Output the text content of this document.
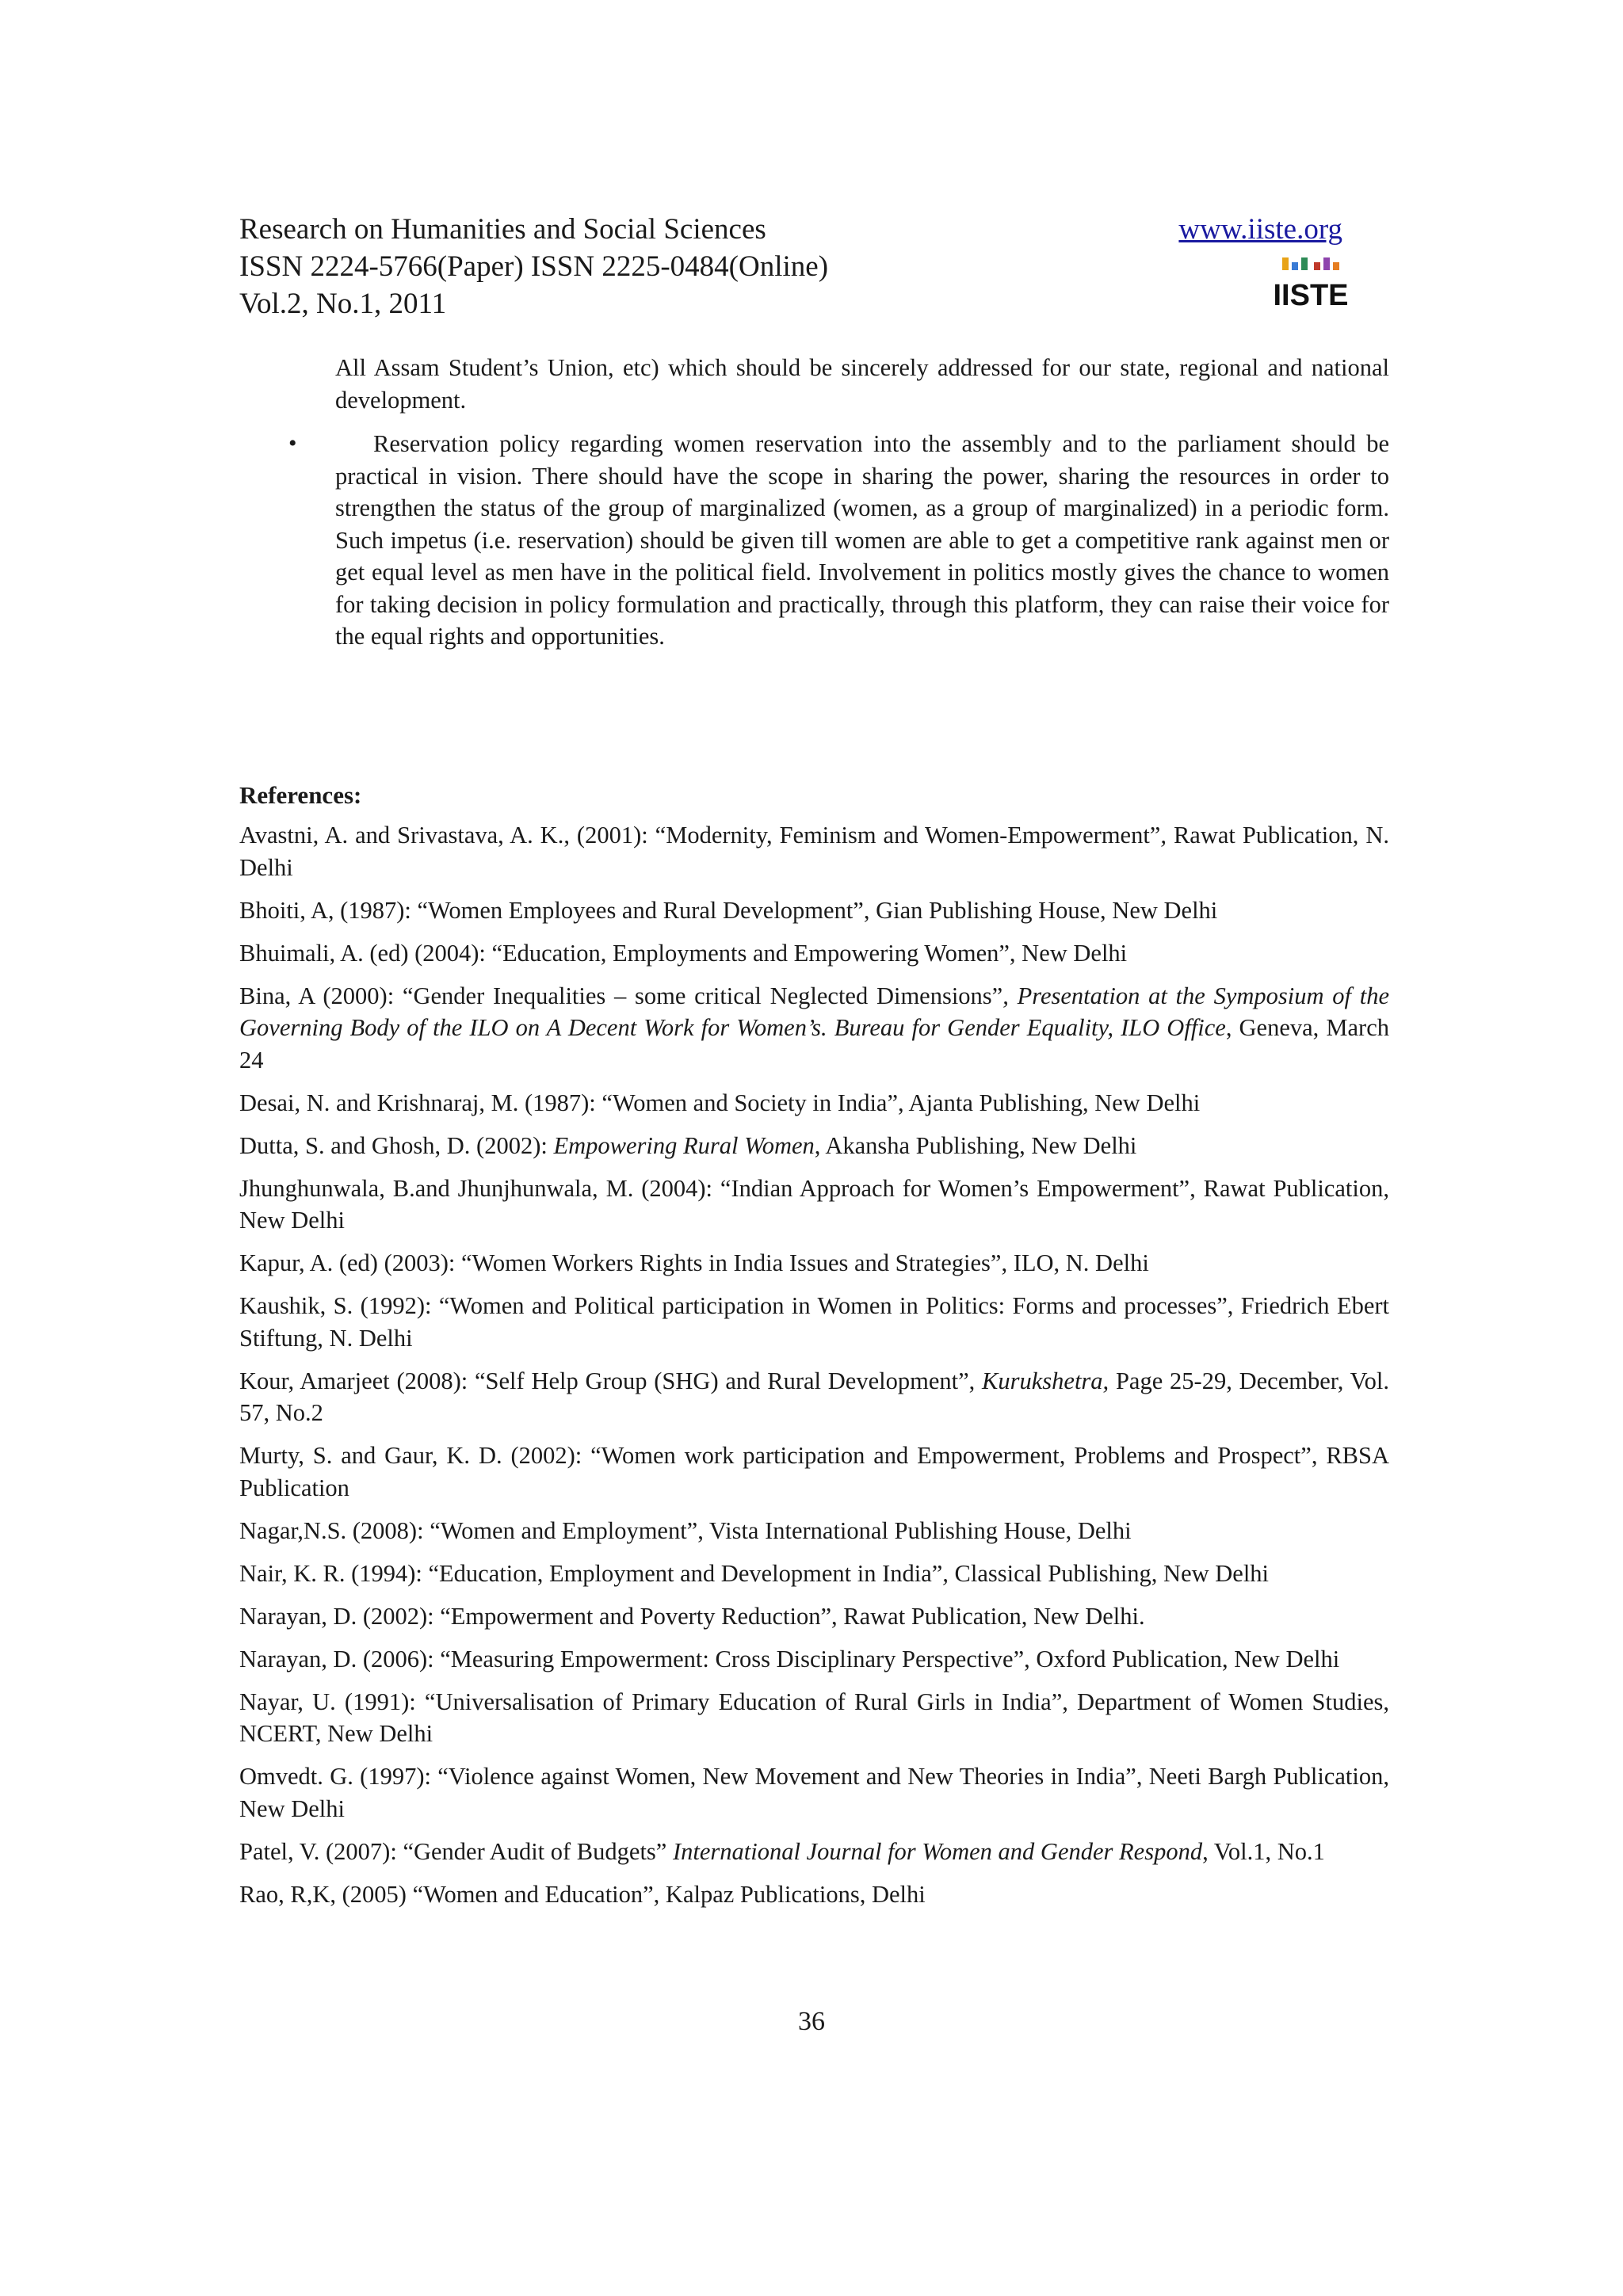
Research on Humanities and Social Sciences
ISSN 2224-5766(Paper) ISSN 2225-0484(Online)
Vol.2, No.1, 2011
www.iiste.org
IISTE
All Assam Student’s Union, etc) which should be sincerely addressed for our state, regional and national development.
•	Reservation policy regarding women reservation into the assembly and to the parliament should be practical in vision. There should have the scope in sharing the power, sharing the resources in order to strengthen the status of the group of marginalized (women, as a group of marginalized) in a periodic form. Such impetus (i.e. reservation) should be given till women are able to get a competitive rank against men or get equal level as men have in the political field. Involvement in politics mostly gives the chance to women for taking decision in policy formulation and practically, through this platform, they can raise their voice for the equal rights and opportunities.
References:
Avastni, A. and Srivastava, A. K., (2001): “Modernity, Feminism and Women-Empowerment”, Rawat Publication, N. Delhi
Bhoiti, A, (1987): “Women Employees and Rural Development”, Gian Publishing House, New Delhi
Bhuimali, A. (ed) (2004): “Education, Employments and Empowering Women”, New Delhi
Bina, A (2000): “Gender Inequalities – some critical Neglected Dimensions”, Presentation at the Symposium of the Governing Body of the ILO on A Decent Work for Women’s. Bureau for Gender Equality, ILO Office, Geneva, March 24
Desai, N. and Krishnaraj, M. (1987): “Women and Society in India”, Ajanta Publishing, New Delhi
Dutta, S. and Ghosh, D. (2002): Empowering Rural Women, Akansha Publishing, New Delhi
Jhunghunwala, B.and Jhunjhunwala, M. (2004): “Indian Approach for Women’s Empowerment”, Rawat Publication, New Delhi
Kapur, A. (ed) (2003): “Women Workers Rights in India Issues and Strategies”, ILO, N. Delhi
Kaushik, S. (1992): “Women and Political participation in Women in Politics: Forms and processes”, Friedrich Ebert Stiftung, N. Delhi
Kour, Amarjeet (2008): “Self Help Group (SHG) and Rural Development”, Kurukshetra, Page 25-29, December, Vol. 57, No.2
Murty, S. and Gaur, K. D. (2002): “Women work participation and Empowerment, Problems and Prospect”, RBSA Publication
Nagar,N.S. (2008): “Women and Employment”, Vista International Publishing House, Delhi
Nair, K. R. (1994): “Education, Employment and Development in India”, Classical Publishing, New Delhi
Narayan, D. (2002): “Empowerment and Poverty Reduction”, Rawat Publication, New Delhi.
Narayan, D. (2006): “Measuring Empowerment: Cross Disciplinary Perspective”, Oxford Publication, New Delhi
Nayar, U. (1991): “Universalisation of Primary Education of Rural Girls in India”, Department of Women Studies, NCERT, New Delhi
Omvedt. G. (1997): “Violence against Women, New Movement and New Theories in India”, Neeti Bargh Publication, New Delhi
Patel, V. (2007): “Gender Audit of Budgets” International Journal for Women and Gender Respond, Vol.1, No.1
Rao, R,K, (2005) “Women and Education”, Kalpaz Publications, Delhi
36
